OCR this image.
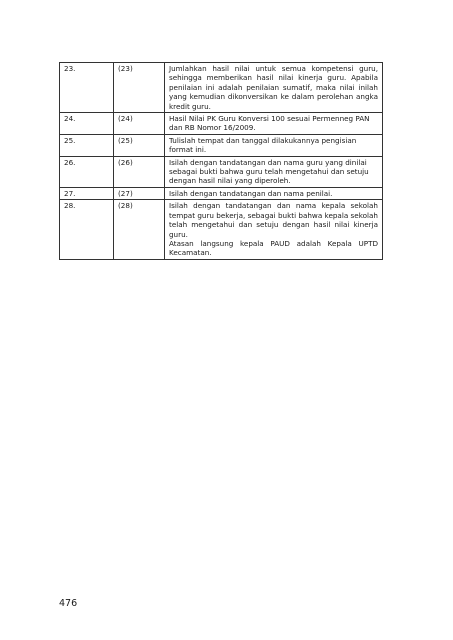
23.	(23)	Jumlahkan hasil nilai untuk semua kompetensi guru, sehingga memberikan hasil nilai kinerja guru. Apabila penilaian ini adalah penilaian sumatif, maka nilai inilah yang kemudian dikonversikan ke dalam perolehan angka kredit guru.

24.	(24)	Hasil Nilai PK Guru Konversi 100 sesuai Permenneg PAN dan RB Nomor 16/2009.

25.	(25)	Tulislah tempat dan tanggal dilakukannya pengisian format ini.

26.	(26)	Isilah dengan tandatangan dan nama guru yang dinilai sebagai bukti bahwa guru telah mengetahui dan setuju dengan hasil nilai yang diperoleh.

27.	(27)	Isilah dengan tandatangan dan nama penilai.

28.	(28)	Isilah dengan tandatangan dan nama kepala sekolah tempat guru bekerja, sebagai bukti bahwa kepala sekolah telah mengetahui dan setuju dengan hasil nilai kinerja guru.
Atasan langsung kepala PAUD adalah Kepala UPTD Kecamatan.
476
